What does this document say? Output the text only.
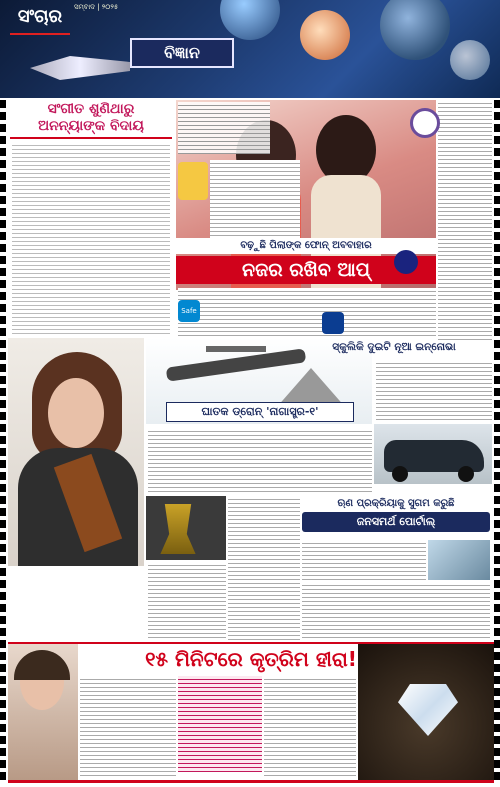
ସଂଚାର	ସମ୍ବାଦ | ୨୦୨୫
ବିଜ୍ଞାନ
ସଂଗୀତ ଶୁଣିଥାରୁ
ଅନନ୍ୟାଙ୍କ ବିଦାୟ
ବଢ଼ୁଛି ପିଲାଙ୍କ ଫୋନ୍ ଅବବାହାର
ନଜର ରଖିବ ଆପ୍
Safe
ଘାତକ ଡ୍ରୋନ୍ 'ନାଗାସ୍ତ୍ର-୧'
ସ୍କୁଲିକି ଦୁଇଟି ନୂଆ ଇନ୍ନୋଭା
ଋଣ ପ୍ରକ୍ରିୟାକୁ ସୁଗମ କରୁଛି
ଜନସମର୍ଥ ପୋର୍ଟାଲ୍
୧୫ ମିନିଟରେ କୃତ୍ରିମ ହୀରା!
